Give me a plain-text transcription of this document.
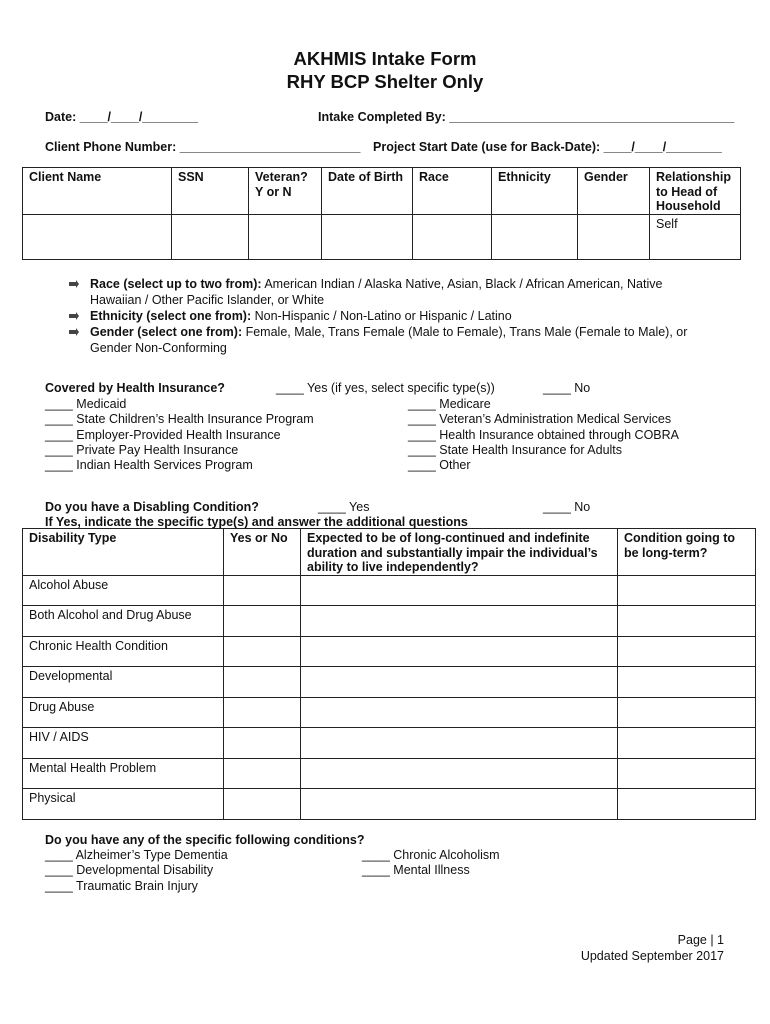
AKHMIS Intake Form
RHY BCP Shelter Only
Date: ____/____/________	Intake Completed By: _________________________________________
Client Phone Number: __________________________ Project Start Date (use for Back-Date): ____/____/________
Client Name	SSN	Veteran? Y or N	Date of Birth	Race	Ethnicity	Gender	Relationship to Head of Household
							Self
Race (select up to two from): American Indian / Alaska Native, Asian, Black / African American, Native Hawaiian / Other Pacific Islander, or White
Ethnicity (select one from): Non-Hispanic / Non-Latino or Hispanic / Latino
Gender (select one from): Female, Male, Trans Female (Male to Female), Trans Male (Female to Male), or Gender Non-Conforming
Covered by Health Insurance?	____ Yes (if yes, select specific type(s))	____ No
____ Medicaid
____ State Children’s Health Insurance Program
____ Employer-Provided Health Insurance
____ Private Pay Health Insurance
____ Indian Health Services Program
____ Medicare
____ Veteran’s Administration Medical Services
____ Health Insurance obtained through COBRA
____ State Health Insurance for Adults
____ Other
Do you have a Disabling Condition?	____ Yes	____ No
If Yes, indicate the specific type(s) and answer the additional questions
Disability Type	Yes or No	Expected to be of long-continued and indefinite duration and substantially impair the individual’s ability to live independently?	Condition going to be long-term?
Alcohol Abuse			
Both Alcohol and Drug Abuse			
Chronic Health Condition			
Developmental			
Drug Abuse			
HIV / AIDS			
Mental Health Problem			
Physical			
Do you have any of the specific following conditions?
____ Alzheimer’s Type Dementia
____ Developmental Disability
____ Traumatic Brain Injury
____ Chronic Alcoholism
____ Mental Illness
Page | 1
Updated September 2017
